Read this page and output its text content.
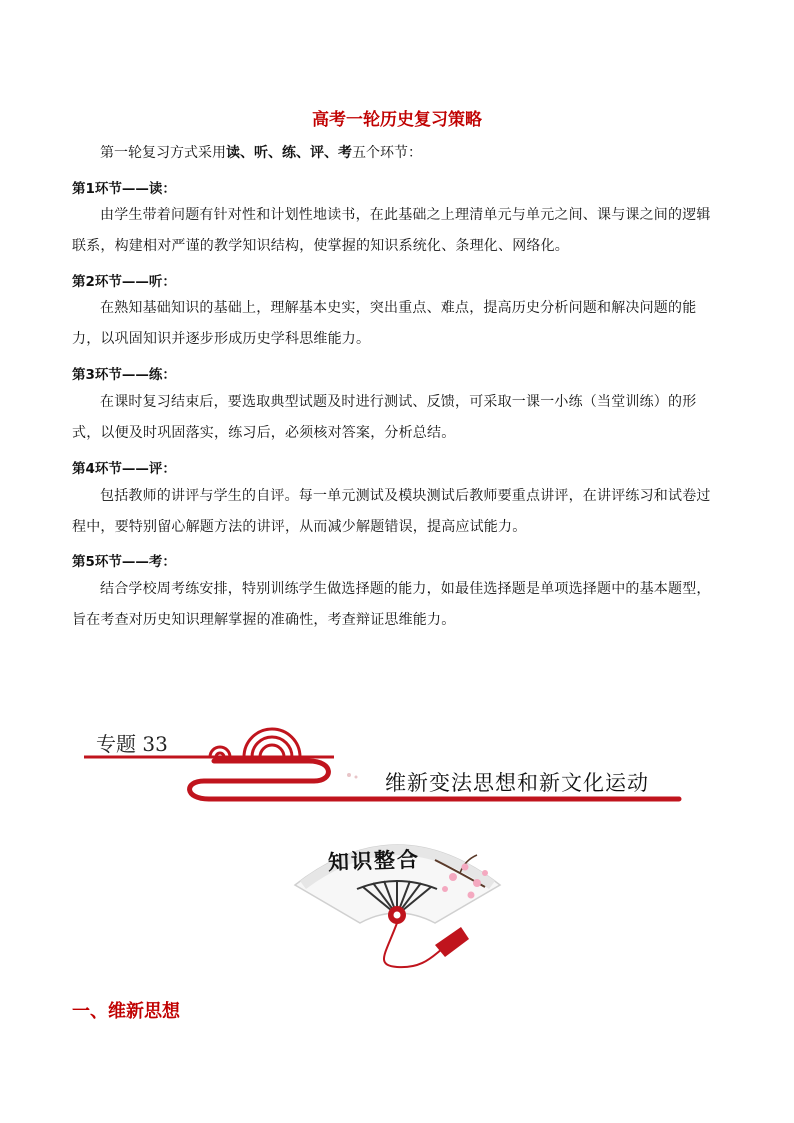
高考一轮历史复习策略

第一轮复习方式采用读、听、练、评、考五个环节：

第1环节——读：

由学生带着问题有针对性和计划性地读书，在此基础之上理清单元与单元之间、课与课之间的逻辑联系，构建相对严谨的教学知识结构，使掌握的知识系统化、条理化、网络化。

第2环节——听：

在熟知基础知识的基础上，理解基本史实，突出重点、难点，提高历史分析问题和解决问题的能力，以巩固知识并逐步形成历史学科思维能力。

第3环节——练：

在课时复习结束后，要选取典型试题及时进行测试、反馈，可采取一课一小练（当堂训练）的形式，以便及时巩固落实，练习后，必须核对答案，分析总结。

第4环节——评：

包括教师的讲评与学生的自评。每一单元测试及模块测试后教师要重点讲评，在讲评练习和试卷过程中，要特别留心解题方法的讲评，从而减少解题错误，提高应试能力。

第5环节——考：

结合学校周考练安排，特别训练学生做选择题的能力，如最佳选择题是单项选择题中的基本题型，旨在考查对历史知识理解掌握的准确性，考查辩证思维能力。

专题 33
维新变法思想和新文化运动
知识整合
一、维新思想
